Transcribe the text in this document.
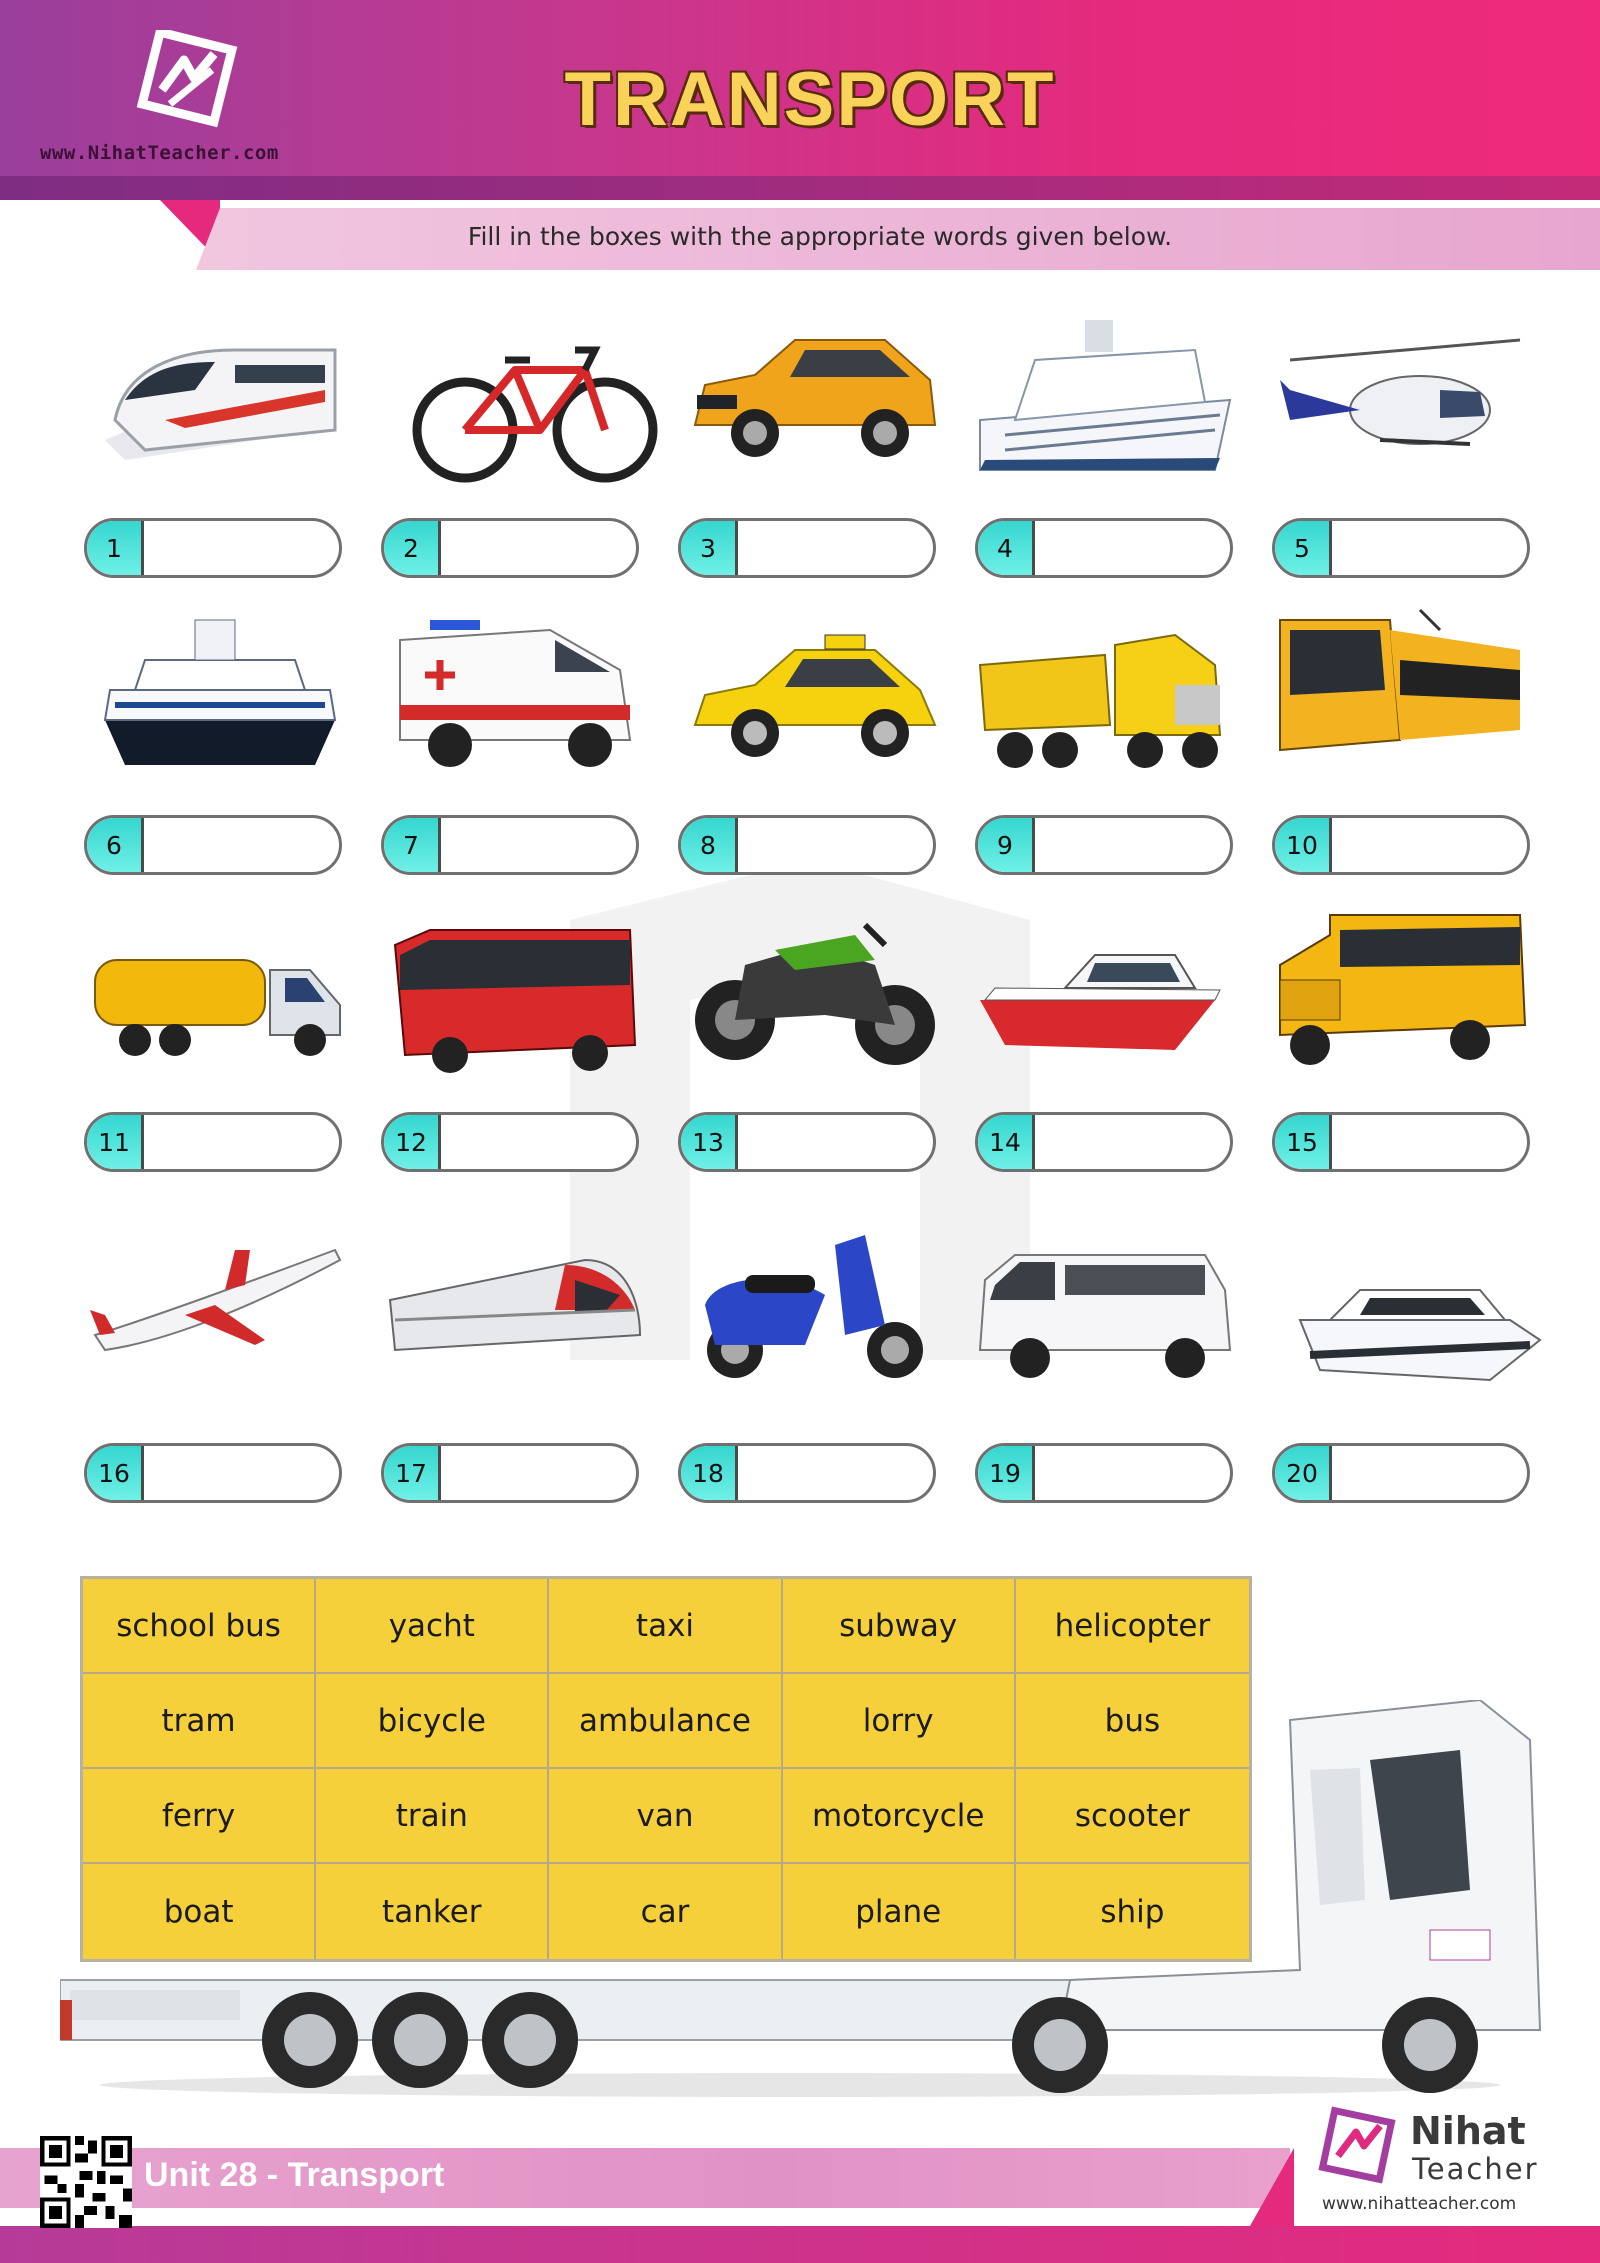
www.NihatTeacher.com
TRANSPORT
Fill in the boxes with the appropriate words given below.
1	2	3	4	5
6	7	8	9	10
11	12	13	14	15
16	17	18	19	20
school bus	yacht	taxi	subway	helicopter
tram	bicycle	ambulance	lorry	bus
ferry	train	van	motorcycle	scooter
boat	tanker	car	plane	ship
Unit 28 - Transport
Nihat
Teacher
www.nihatteacher.com
